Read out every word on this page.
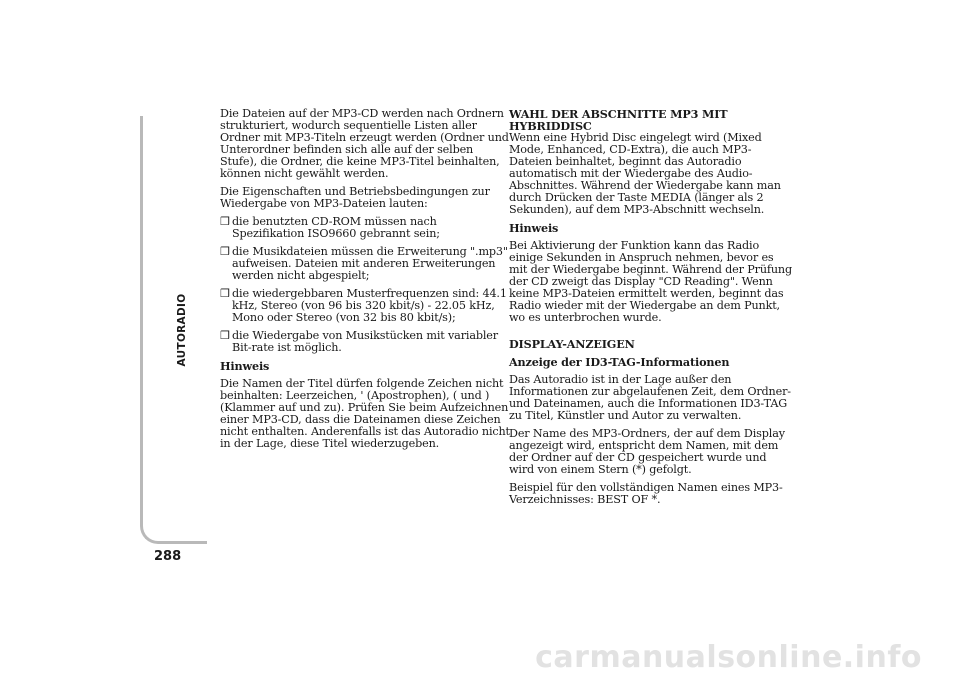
AUTORADIO
288

Die Dateien auf der MP3-CD werden nach Ordnern strukturiert, wodurch sequentielle Listen aller Ordner mit MP3-Titeln erzeugt werden (Ordner und Unterordner befinden sich alle auf der selben Stufe), die Ordner, die keine MP3-Titel beinhalten, können nicht gewählt werden.

Die Eigenschaften und Betriebsbedingungen zur Wiedergabe von MP3-Dateien lauten:

❒ die benutzten CD-ROM müssen nach Spezifikation ISO9660 gebrannt sein;
❒ die Musikdateien müssen die Erweiterung ".mp3" aufweisen. Dateien mit anderen Erweiterungen werden nicht abgespielt;
❒ die wiedergebbaren Musterfrequenzen sind: 44.1 kHz, Stereo (von 96 bis 320 kbit/s) - 22.05 kHz, Mono oder Stereo (von 32 bis 80 kbit/s);
❒ die Wiedergabe von Musikstücken mit variabler Bit-rate ist möglich.
Hinweis

Die Namen der Titel dürfen folgende Zeichen nicht beinhalten: Leerzeichen, ' (Apostrophen), ( und ) (Klammer auf und zu). Prüfen Sie beim Aufzeichnen einer MP3-CD, dass die Dateinamen diese Zeichen nicht enthalten. Anderenfalls ist das Autoradio nicht in der Lage, diese Titel wiederzugeben.

WAHL DER ABSCHNITTE MP3 MIT HYBRIDDISC

Wenn eine Hybrid Disc eingelegt wird (Mixed Mode, Enhanced, CD-Extra), die auch MP3-Dateien beinhaltet, beginnt das Autoradio automatisch mit der Wiedergabe des Audio-Abschnittes. Während der Wiedergabe kann man durch Drücken der Taste MEDIA (länger als 2 Sekunden), auf dem MP3-Abschnitt wechseln.

Hinweis

Bei Aktivierung der Funktion kann das Radio einige Sekunden in Anspruch nehmen, bevor es mit der Wiedergabe beginnt. Während der Prüfung der CD zweigt das Display "CD Reading". Wenn keine MP3-Dateien ermittelt werden, beginnt das Radio wieder mit der Wiedergabe an dem Punkt, wo es unterbrochen wurde.

DISPLAY-ANZEIGEN
Anzeige der ID3-TAG-Informationen

Das Autoradio ist in der Lage außer den Informationen zur abgelaufenen Zeit, dem Ordner- und Dateinamen, auch die Informationen ID3-TAG zu Titel, Künstler und Autor zu verwalten.

Der Name des MP3-Ordners, der auf dem Display angezeigt wird, entspricht dem Namen, mit dem der Ordner auf der CD gespeichert wurde und wird von einem Stern (*) gefolgt.

Beispiel für den vollständigen Namen eines MP3-Verzeichnisses: BEST OF *.

carmanualsonline.info
